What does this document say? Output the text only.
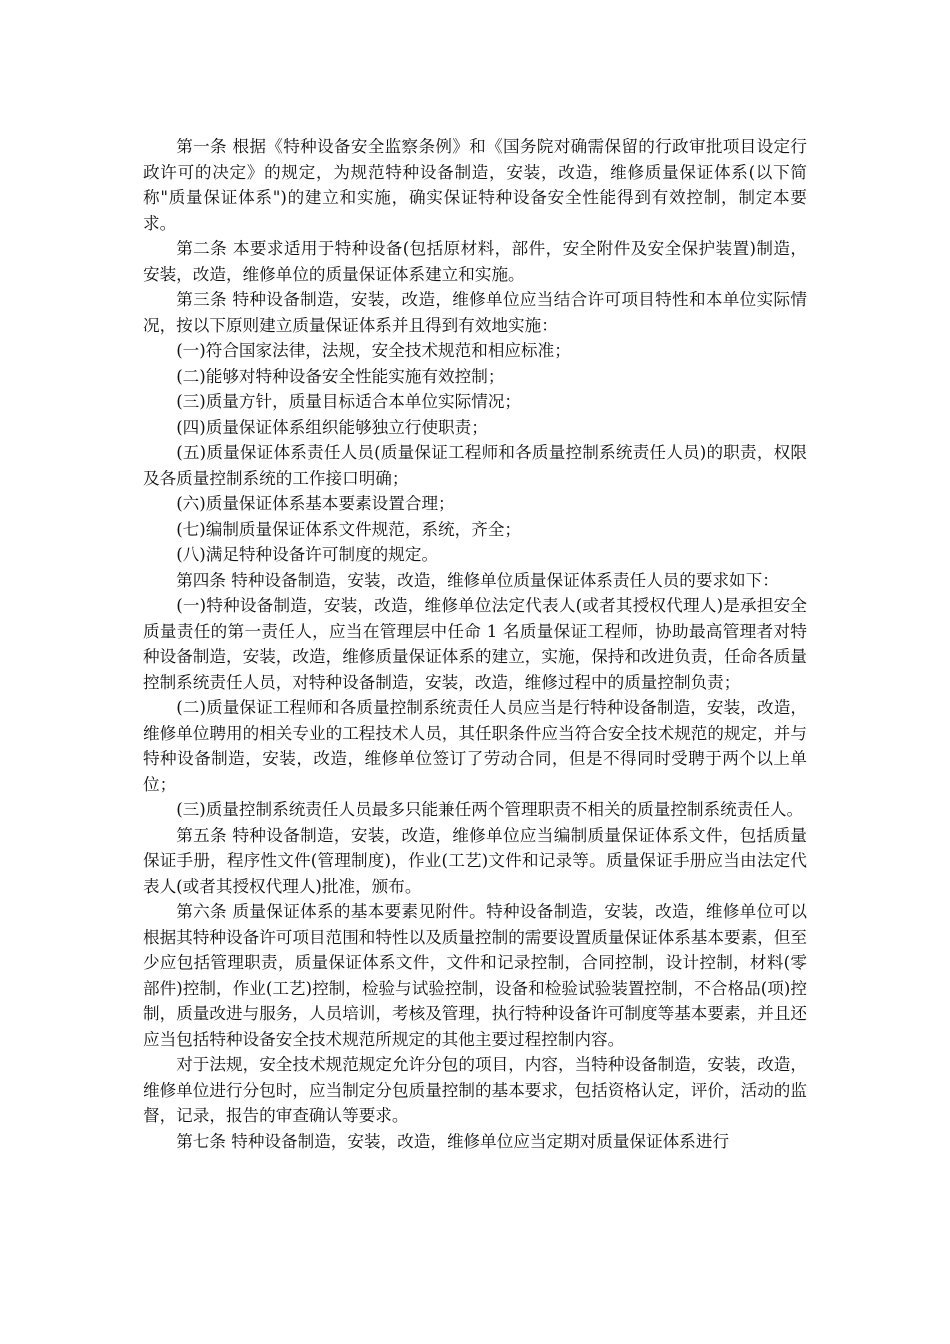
第一条 根据《特种设备安全监察条例》和《国务院对确需保留的行政审批项目设定行政许可的决定》的规定，为规范特种设备制造，安装，改造，维修质量保证体系(以下简称"质量保证体系")的建立和实施，确实保证特种设备安全性能得到有效控制，制定本要求。

第二条 本要求适用于特种设备(包括原材料，部件，安全附件及安全保护装置)制造，安装，改造，维修单位的质量保证体系建立和实施。

第三条 特种设备制造，安装，改造，维修单位应当结合许可项目特性和本单位实际情况，按以下原则建立质量保证体系并且得到有效地实施：

(一)符合国家法律，法规，安全技术规范和相应标准；

(二)能够对特种设备安全性能实施有效控制；

(三)质量方针，质量目标适合本单位实际情况；

(四)质量保证体系组织能够独立行使职责；

(五)质量保证体系责任人员(质量保证工程师和各质量控制系统责任人员)的职责，权限及各质量控制系统的工作接口明确；

(六)质量保证体系基本要素设置合理；

(七)编制质量保证体系文件规范，系统，齐全；

(八)满足特种设备许可制度的规定。

第四条 特种设备制造，安装，改造，维修单位质量保证体系责任人员的要求如下：

(一)特种设备制造，安装，改造，维修单位法定代表人(或者其授权代理人)是承担安全质量责任的第一责任人，应当在管理层中任命 1 名质量保证工程师，协助最高管理者对特种设备制造，安装，改造，维修质量保证体系的建立，实施，保持和改进负责，任命各质量控制系统责任人员，对特种设备制造，安装，改造，维修过程中的质量控制负责；

(二)质量保证工程师和各质量控制系统责任人员应当是行特种设备制造，安装，改造，维修单位聘用的相关专业的工程技术人员，其任职条件应当符合安全技术规范的规定，并与特种设备制造，安装，改造，维修单位签订了劳动合同，但是不得同时受聘于两个以上单位；

(三)质量控制系统责任人员最多只能兼任两个管理职责不相关的质量控制系统责任人。

第五条 特种设备制造，安装，改造，维修单位应当编制质量保证体系文件，包括质量保证手册，程序性文件(管理制度)，作业(工艺)文件和记录等。质量保证手册应当由法定代表人(或者其授权代理人)批准，颁布。

第六条 质量保证体系的基本要素见附件。特种设备制造，安装，改造，维修单位可以根据其特种设备许可项目范围和特性以及质量控制的需要设置质量保证体系基本要素，但至少应包括管理职责，质量保证体系文件，文件和记录控制，合同控制，设计控制，材料(零部件)控制，作业(工艺)控制，检验与试验控制，设备和检验试验装置控制，不合格品(项)控制，质量改进与服务，人员培训，考核及管理，执行特种设备许可制度等基本要素，并且还应当包括特种设备安全技术规范所规定的其他主要过程控制内容。

对于法规，安全技术规范规定允许分包的项目，内容，当特种设备制造，安装，改造，维修单位进行分包时，应当制定分包质量控制的基本要求，包括资格认定，评价，活动的监督，记录，报告的审查确认等要求。

第七条 特种设备制造，安装，改造，维修单位应当定期对质量保证体系进行
